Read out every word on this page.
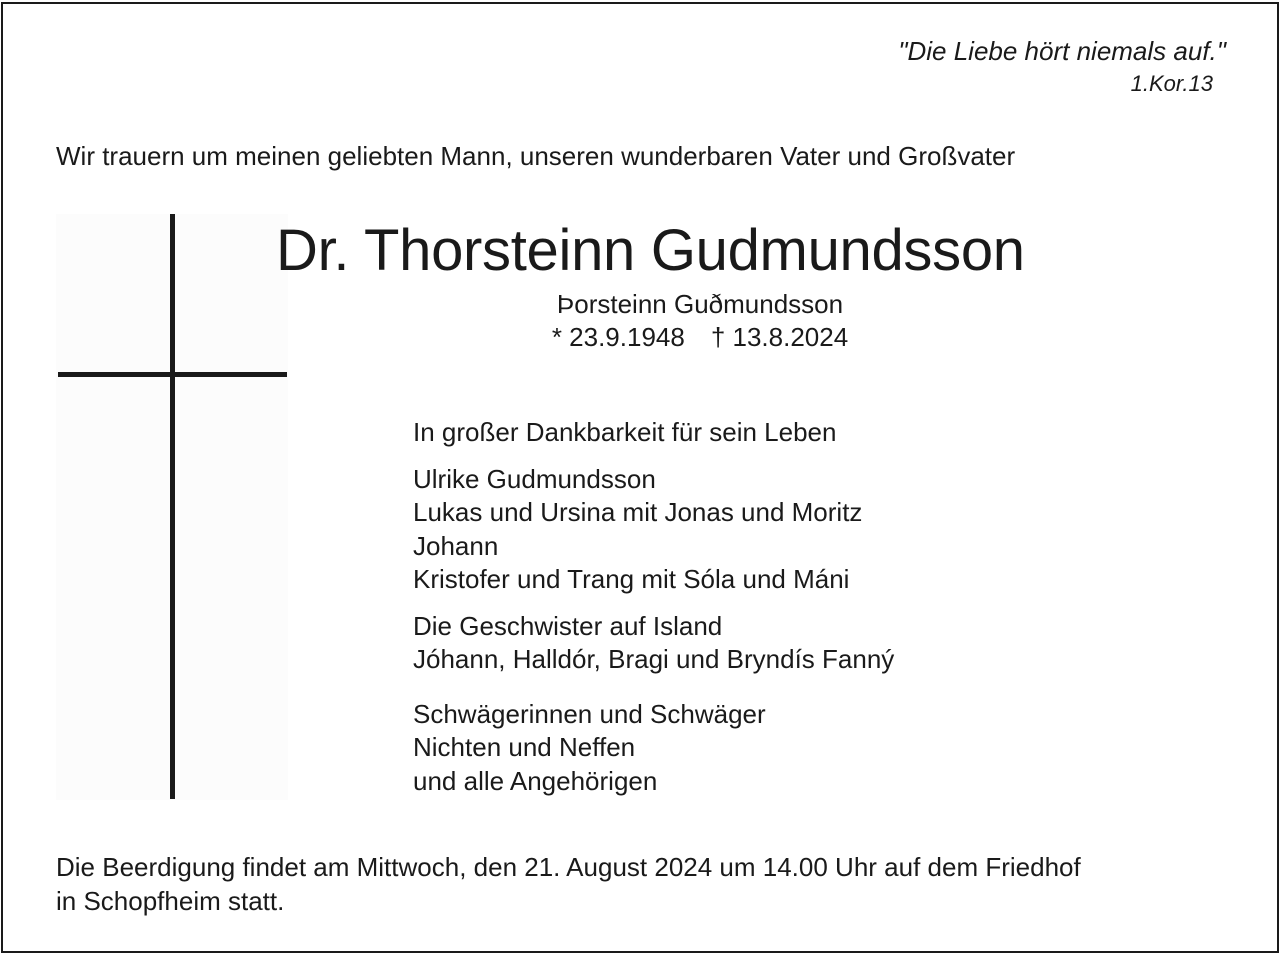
"Die Liebe hört niemals auf."
1.Kor.13
Wir trauern um meinen geliebten Mann, unseren wunderbaren Vater und Großvater
Dr. Thorsteinn Gudmundsson
Þorsteinn Guðmundsson
* 23.9.1948 † 13.8.2024
In großer Dankbarkeit für sein Leben
Ulrike Gudmundsson
Lukas und Ursina mit Jonas und Moritz
Johann
Kristofer und Trang mit Sóla und Máni
Die Geschwister auf Island
Jóhann, Halldór, Bragi und Bryndís Fanný
Schwägerinnen und Schwäger
Nichten und Neffen
und alle Angehörigen
Die Beerdigung findet am Mittwoch, den 21. August 2024 um 14.00 Uhr auf dem Friedhof
in Schopfheim statt.
